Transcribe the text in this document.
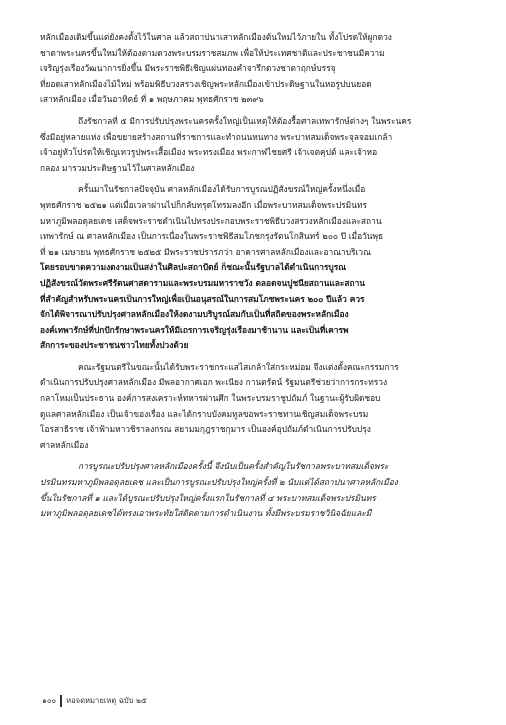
หลักเมืองเดิมขึ้นแต่ยังคงตั้งไว้ในศาล แล้วสถาปนาเสาหลักเมืองต้นใหม่ไว้ภายใน ทั้งโปรดให้ผูกดวง
ชาตาพระนครขึ้นใหม่ให้ต้องตามดวงพระบรมราชสมภพ เพื่อให้ประเทศชาติและประชาชนมีความ
เจริญรุ่งเรืองวัฒนาการยิ่งขึ้น มีพระราชพิธีเชิญแผ่นทองคำจารึกดวงชาตาฤกษ์บรรจุ
ที่ยอดเสาหลักเมืองไม้ใหม่ พร้อมพิธีบวงสรวงเชิญพระหลักเมืองเข้าประดิษฐานในหอรูปบนยอด
เสาหลักเมือง เมื่อวันอาทิตย์ ที่ ๑ พฤษภาคม พุทธศักราช ๒๓๙๖
ถึงรัชกาลที่ ๕ มีการปรับปรุงพระนครครั้งใหญ่เป็นเหตุให้ต้องรื้อศาลเทพารักษ์ต่างๆ ในพระนคร
ซึ่งมีอยู่หลายแห่ง เพื่อขยายสร้างสถานที่ราชการและทำถนนหนทาง พระบาทสมเด็จพระจุลจอมเกล้า
เจ้าอยู่หัวโปรดให้เชิญเทวรูปพระเสื้อเมือง พระทรงเมือง พระกาฬไชยศรี เจ้าเจตคุปต์ และเจ้าหอ
กลอง มารวมประดิษฐานไว้ในศาลหลักเมือง
ครั้นมาในรัชกาลปัจจุบัน ศาลหลักเมืองได้รับการบูรณปฏิสังขรณ์ใหญ่ครั้งหนึ่งเมื่อ
พุทธศักราช ๒๕๒๑ แต่เมื่อเวลาผ่านไปก็กลับทรุดโทรมลงอีก เมื่อพระบาทสมเด็จพระปรมินทร
มหาภูมิพลอดุลยเดช เสด็จพระราชดำเนินไปทรงประกอบพระราชพิธีบวงสรวงหลักเมืองและสถาน
เทพารักษ์ ณ ศาลหลักเมือง เป็นการเนื่องในพระราชพิธีสมโภชกรุงรัตนโกสินทร์ ๒๐๐ ปี เมื่อวันพุธ
ที่ ๒๑ เมษายน พุทธศักราช ๒๕๒๕ มีพระราชปรารภว่า อาคารศาลหลักเมืองและอาณาบริเวณ
โดยรอบขาดความงดงามเป็นสง่าในศิลปะสถาปัตย์ ก็ชณะนั้นรัฐบาลได้ดำเนินการบูรณ
ปฏิสังขรณ์วัดพระศรีรัตนศาสดารามและพระบรมมหาราชวัง ตลอดจนปูชนียสถานและสถาน
ที่สำคัญสำหรับพระนครเป็นการใหญ่เพื่อเป็นอนุสรณ์ในการสมโภชพระนคร ๒๐๐ ปีแล้ว ควร
จักได้พิจารณาปรับปรุงศาลหลักเมืองให้งดงามบริบูรณ์สมกับเป็นที่สถิตของพระหลักเมือง
องค์เทพารักษ์ที่ปกปักรักษาพระนครให้มีเถรการเจริญรุ่งเรืองมาช้านาน และเป็นที่เคารพ
สักการะของประชาชนชาวไทยทั้งปวงด้วย
คณะรัฐมนตรีในขณะนั้นได้รับพระราชกระแสไสเกล้าใส่กระหม่อม จึงแต่งตั้งคณะกรรมการ
ดำเนินการปรับปรุงศาลหลักเมือง มีพลอากาศเอก พะเนียง กานตรัตน์ รัฐมนตรีช่วยว่าการกระทรวง
กลาโหมเป็นประธาน องค์การสงเคราะห์ทหารผ่านศึก ในพระบรมราชูปถัมภ์ ในฐานะผู้รับผิดชอบ
ดูแลศาลหลักเมือง เป็นเจ้าของเรื่อง และได้กราบบังคมทูลขอพระราชทานเชิญสมเด็จพระบรม
โอรสาธิราช เจ้าฟ้ามหาวชิราลงกรณ สยามมกุฎราชกุมาร เป็นองค์อุปถัมภ์ดำเนินการปรับปรุง
ศาลหลักเมือง
การบูรณะปรับปรุงศาลหลักเมืองครั้งนี้ จึงนับเป็นครั้งสำคัญในรัชกาลพระบาทสมเด็จพระ
ปรมินทรมหาภูมิพลอดุลยเดช และเป็นการบูรณะปรับปรุงใหญ่ครั้งที่ ๒ นับแต่ได้สถาปนาศาลหลักเมือง
ขึ้นในรัชกาลที่ ๑ และได้บูรณะปรับปรุงใหญ่ครั้งแรกในรัชกาลที่ ๔ พระบาทสมเด็จพระปรมินทร
มหาภูมิพลอดุลยเดชได้ทรงเอาพระทัยใส่ติดตามการดำเนินงาน ทั้งมีพระบรมราชวินิจฉัยและมี
๑๐๐ หอจดหมายเหตุ ฉบับ ๒๕
